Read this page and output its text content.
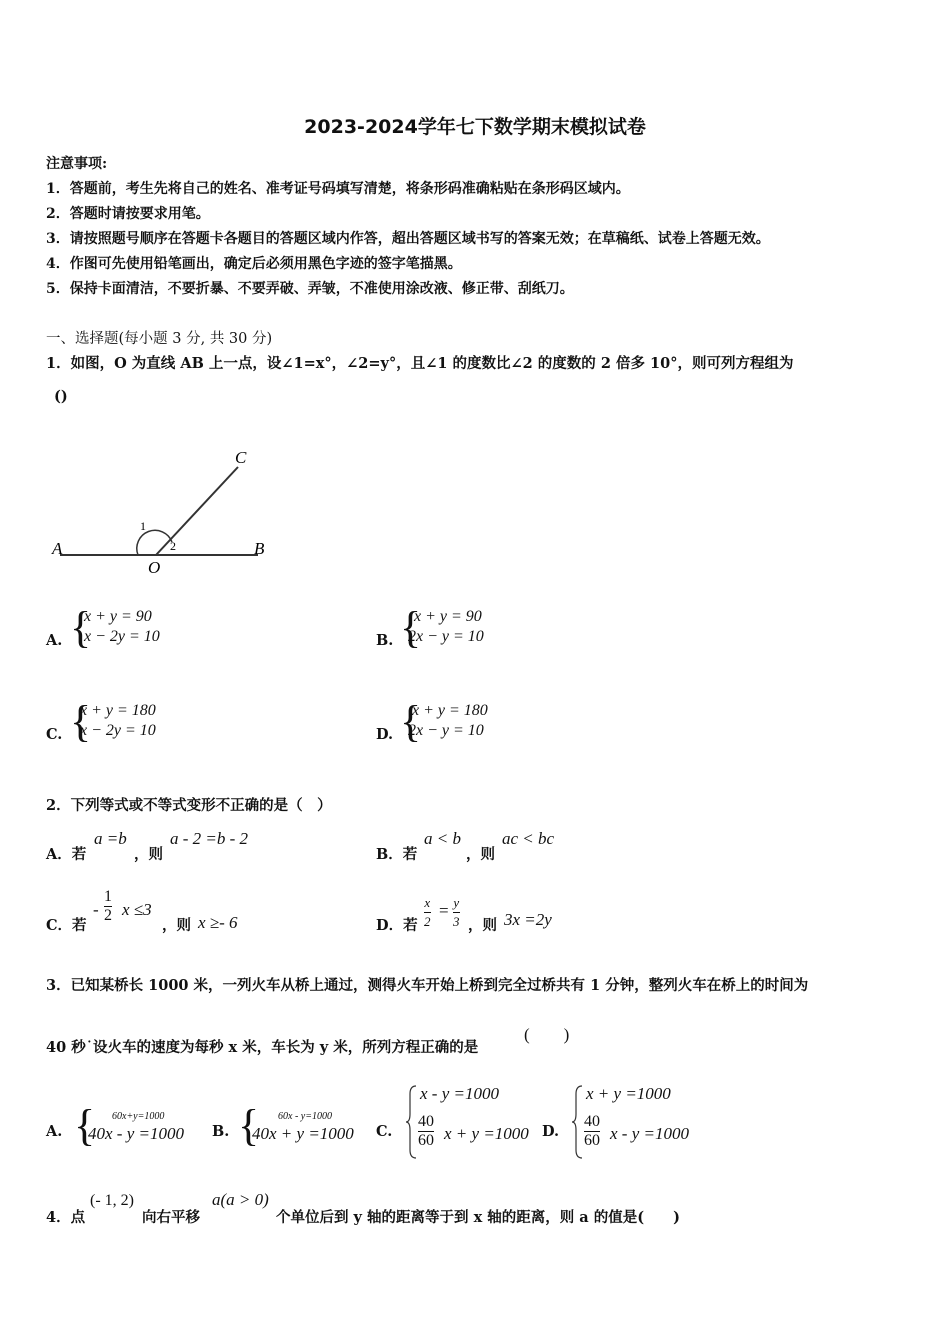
2023-2024学年七下数学期末模拟试卷
注意事项:
1．答题前，考生先将自己的姓名、准考证号码填写清楚，将条形码准确粘贴在条形码区域内。
2．答题时请按要求用笔。
3．请按照题号顺序在答题卡各题目的答题区域内作答，超出答题区域书写的答案无效；在草稿纸、试卷上答题无效。
4．作图可先使用铅笔画出，确定后必须用黑色字迹的签字笔描黑。
5．保持卡面清洁，不要折暴、不要弄破、弄皱，不准使用涂改液、修正带、刮纸刀。
一、选择题(每小题 3 分, 共 30 分)
1．如图，O 为直线 AB 上一点，设∠1=x°，∠2=y°，且∠1 的度数比∠2 的度数的 2 倍多 10°，则可列方程组为
()
A	B
C
O
1
2
A. {
x + y = 90
x − 2y = 10	B. {
x + y = 90
2x − y = 10
C. {
x + y = 180
x − 2y = 10	D. {
x + y = 180
2x − y = 10
2．下列等式或不等式变形不正确的是（　）
A．若
a =b
，则
a - 2 =b - 2
B．若
a < b
，则
ac < bc
C．若
- $\frac{1}{2}$ x ≤3
，则 x ≥- 6	D．若 $\frac{x}{2} = \frac{y}{3}$ ，则 3x =2y
3．已知某桥长 1000 米，一列火车从桥上通过，测得火车开始上桥到完全过桥共有 1 分钟，整列火车在桥上的时间为
40 秒˙设火车的速度为每秒 x 米，车长为 y 米，所列方程正确的是
(　　)
A. { 60x+y=1000
40x - y =1000 B. { 60x - y=1000
40x + y =1000 C.
x - y =1000
$\frac{40}{60}$ x + y =1000 D.
x + y =1000
$\frac{40}{60}$ x - y =1000
4．点
(- 1, 2)
向右平移
a(a > 0)
个单位后到 y 轴的距离等于到 x 轴的距离，则 a 的值是(　　)
